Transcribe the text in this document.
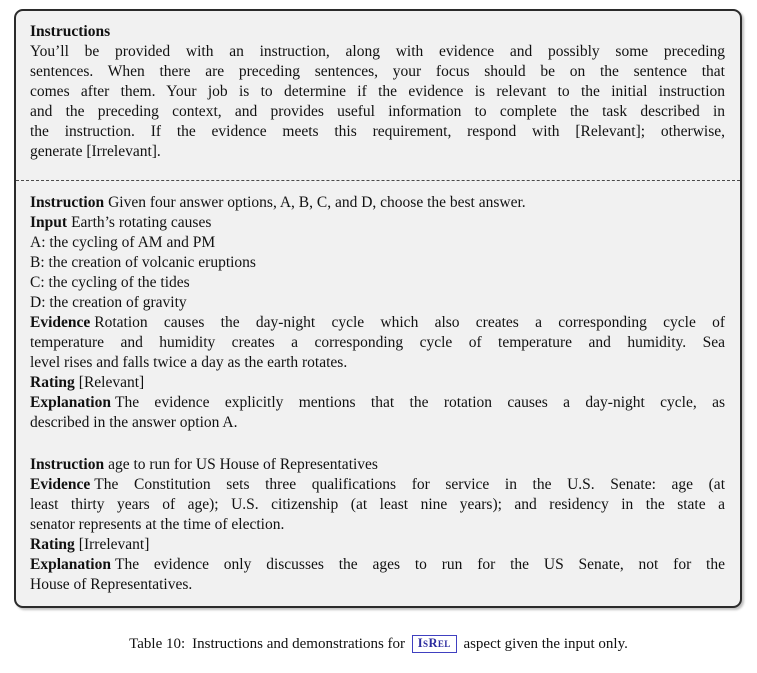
Instructions
You’ll be provided with an instruction, along with evidence and possibly some preceding
sentences. When there are preceding sentences, your focus should be on the sentence that
comes after them. Your job is to determine if the evidence is relevant to the initial instruction
and the preceding context, and provides useful information to complete the task described in
the instruction. If the evidence meets this requirement, respond with [Relevant]; otherwise,
generate [Irrelevant].
Instruction Given four answer options, A, B, C, and D, choose the best answer.
Input Earth’s rotating causes
A: the cycling of AM and PM
B: the creation of volcanic eruptions
C: the cycling of the tides
D: the creation of gravity
Evidence Rotation causes the day-night cycle which also creates a corresponding cycle of
temperature and humidity creates a corresponding cycle of temperature and humidity. Sea
level rises and falls twice a day as the earth rotates.
Rating [Relevant]
Explanation The evidence explicitly mentions that the rotation causes a day-night cycle, as
described in the answer option A.
Instruction age to run for US House of Representatives
Evidence The Constitution sets three qualifications for service in the U.S. Senate: age (at
least thirty years of age); U.S. citizenship (at least nine years); and residency in the state a
senator represents at the time of election.
Rating [Irrelevant]
Explanation The evidence only discusses the ages to run for the US Senate, not for the
House of Representatives.
Table 10: Instructions and demonstrations for IsRel aspect given the input only.
